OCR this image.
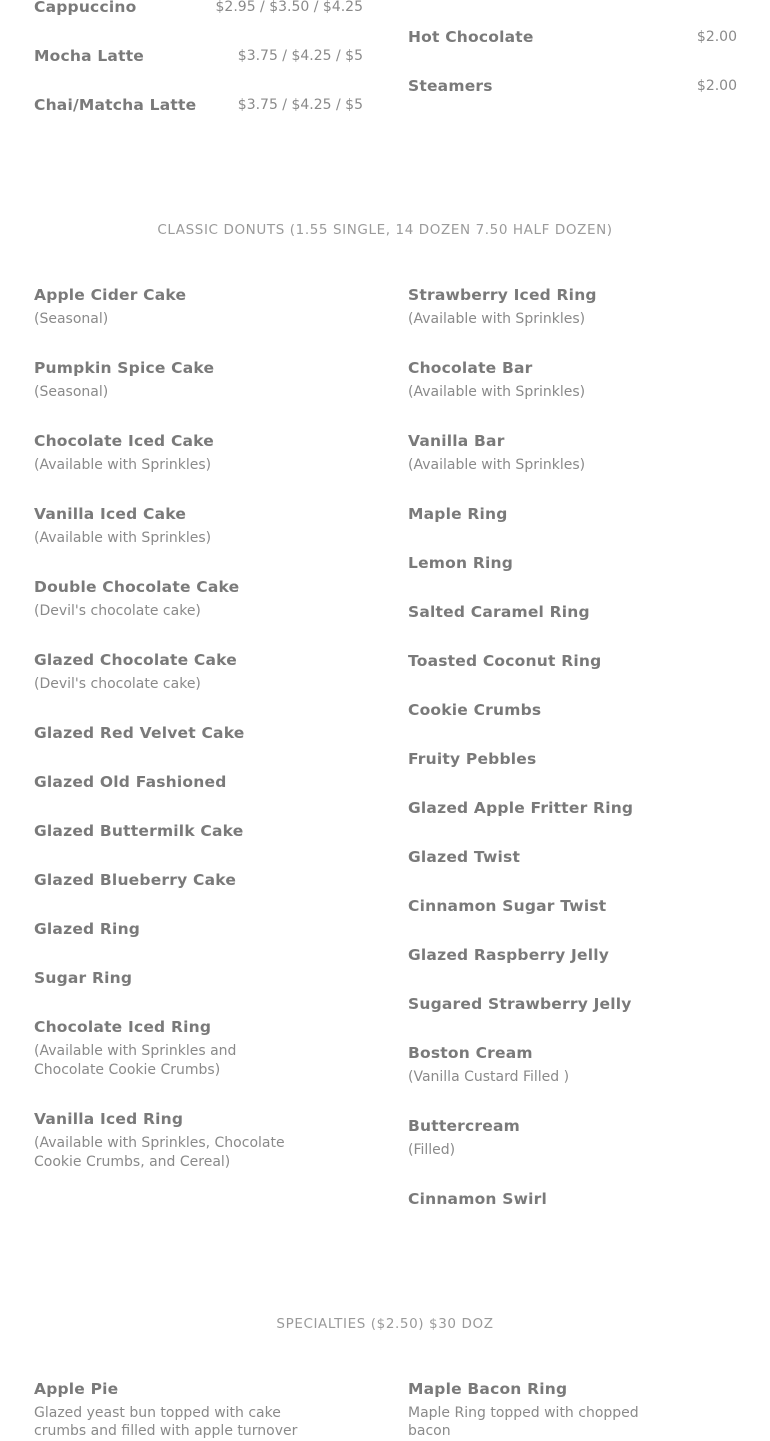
Cappuccino	$2.95 / $3.50 / $4.25
Mocha Latte	$3.75 / $4.25 / $5
Chai/Matcha Latte	$3.75 / $4.25 / $5
Hot Chocolate	$2.00
Steamers	$2.00
CLASSIC DONUTS (1.55 SINGLE, 14 DOZEN 7.50 HALF DOZEN)
Apple Cider Cake
(Seasonal)
Pumpkin Spice Cake
(Seasonal)
Chocolate Iced Cake
(Available with Sprinkles)
Vanilla Iced Cake
(Available with Sprinkles)
Double Chocolate Cake
(Devil's chocolate cake)
Glazed Chocolate Cake
(Devil's chocolate cake)
Glazed Red Velvet Cake
Glazed Old Fashioned
Glazed Buttermilk Cake
Glazed Blueberry Cake
Glazed Ring
Sugar Ring
Chocolate Iced Ring
(Available with Sprinkles and
Chocolate Cookie Crumbs)
Vanilla Iced Ring
(Available with Sprinkles, Chocolate
Cookie Crumbs, and Cereal)
Strawberry Iced Ring
(Available with Sprinkles)
Chocolate Bar
(Available with Sprinkles)
Vanilla Bar
(Available with Sprinkles)
Maple Ring
Lemon Ring
Salted Caramel Ring
Toasted Coconut Ring
Cookie Crumbs
Fruity Pebbles
Glazed Apple Fritter Ring
Glazed Twist
Cinnamon Sugar Twist
Glazed Raspberry Jelly
Sugared Strawberry Jelly
Boston Cream
(Vanilla Custard Filled )
Buttercream
(Filled)
Cinnamon Swirl
SPECIALTIES ($2.50) $30 DOZ
Apple Pie
Glazed yeast bun topped with cake
crumbs and filled with apple turnover
Maple Bacon Ring
Maple Ring topped with chopped
bacon
